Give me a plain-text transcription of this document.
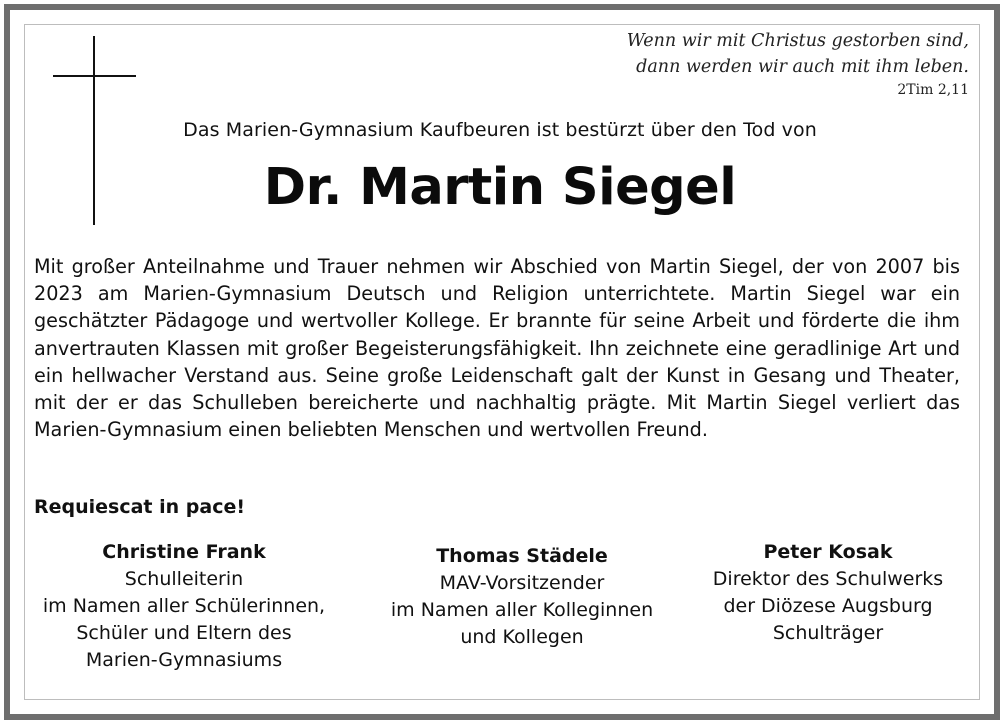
Wenn wir mit Christus gestorben sind,
dann werden wir auch mit ihm leben.
2Tim 2,11
Das Marien-Gymnasium Kaufbeuren ist bestürzt über den Tod von
Dr. Martin Siegel
Mit großer Anteilnahme und Trauer nehmen wir Abschied von Martin Siegel, der von 2007 bis 2023 am Marien-Gymnasium Deutsch und Religion unterrichtete. Martin Siegel war ein geschätzter Pädagoge und wertvoller Kollege. Er brannte für seine Arbeit und förderte die ihm anvertrauten Klassen mit großer Begeisterungsfähigkeit. Ihn zeichnete eine geradlinige Art und ein hellwacher Verstand aus. Seine große Leidenschaft galt der Kunst in Gesang und Theater, mit der er das Schulleben bereicherte und nachhaltig prägte. Mit Martin Siegel verliert das Marien-Gymnasium einen beliebten Menschen und wertvollen Freund.
Requiescat in pace!
Christine Frank
Schulleiterin
im Namen aller Schülerinnen,
Schüler und Eltern des
Marien-Gymnasiums
Thomas Städele
MAV-Vorsitzender
im Namen aller Kolleginnen
und Kollegen
Peter Kosak
Direktor des Schulwerks
der Diözese Augsburg
Schulträger
